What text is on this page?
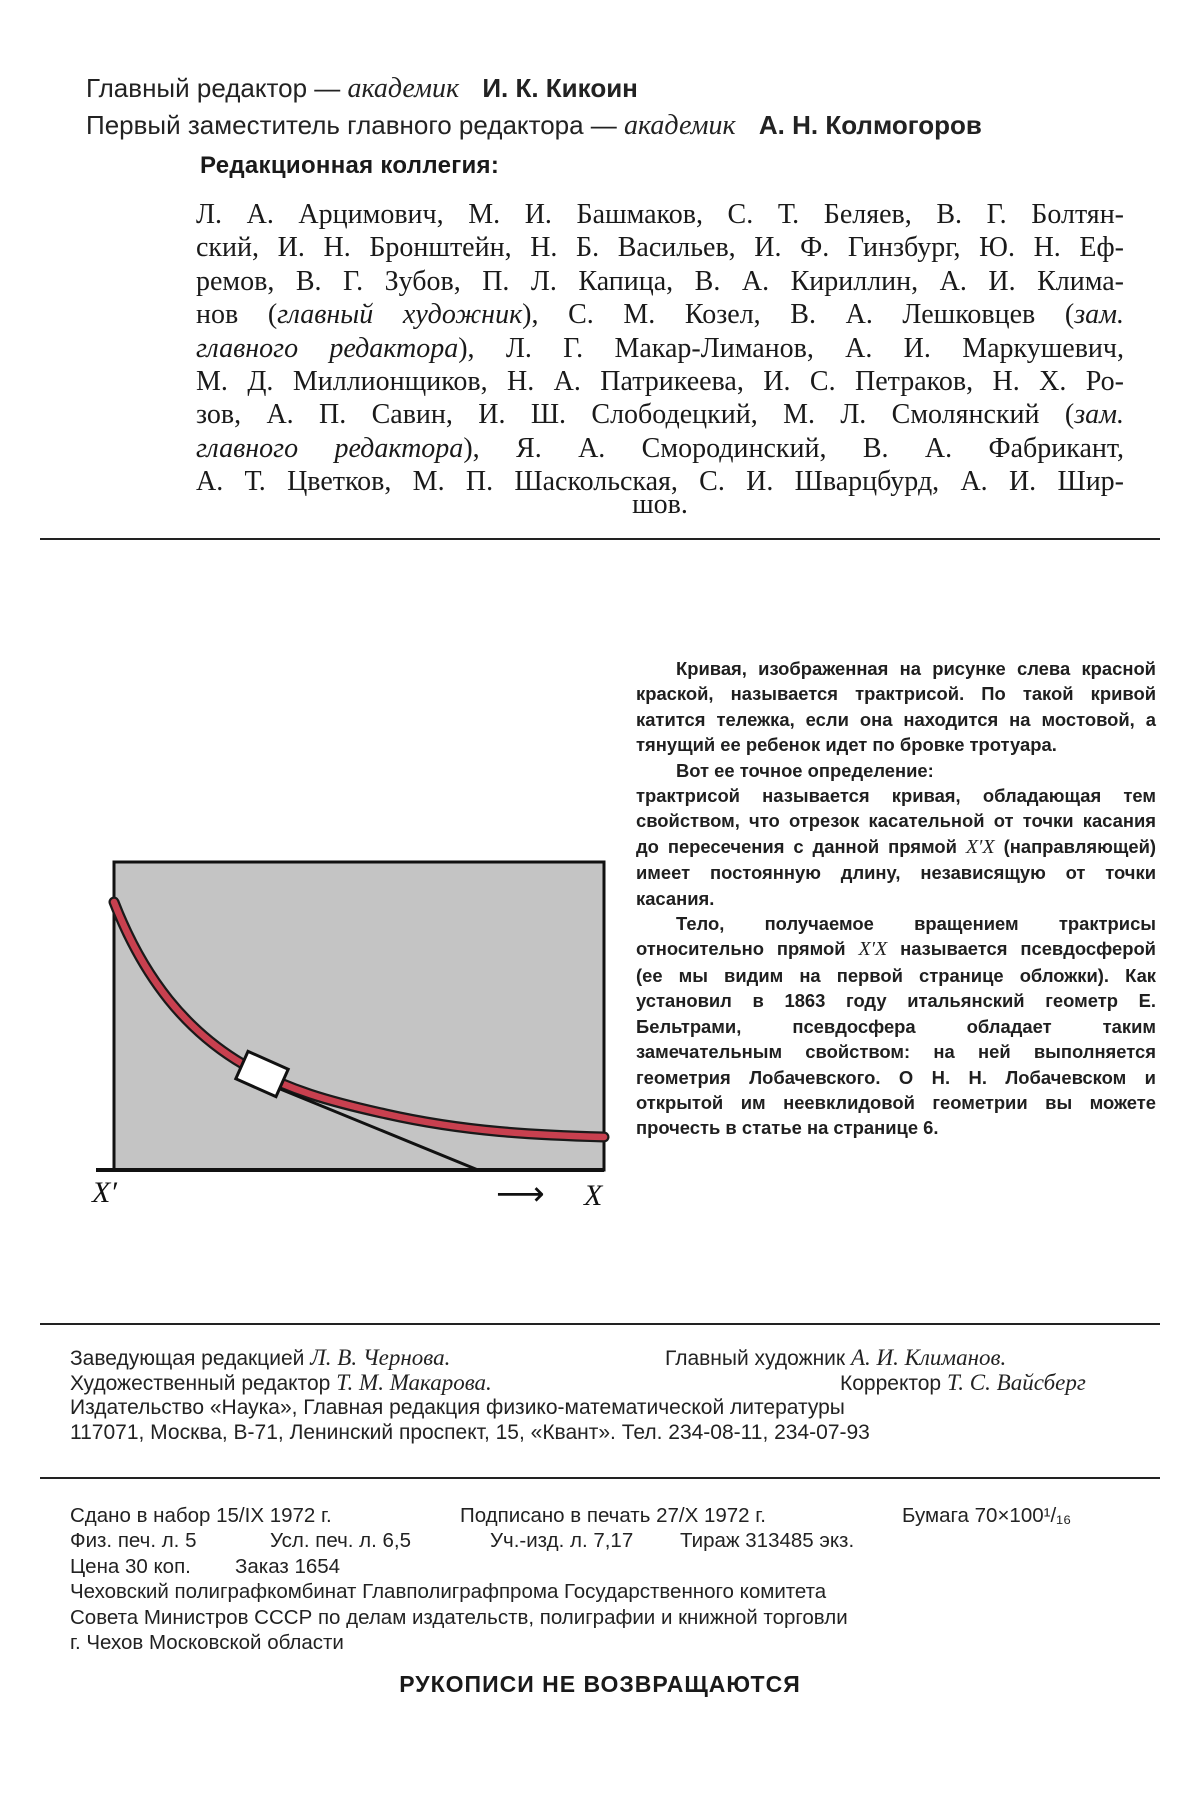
Главный редактор — академик И. К. Кикоин
Первый заместитель главного редактора — академик А. Н. Колмогоров
Редакционная коллегия:
Л. А. Арцимович, М. И. Башмаков, С. Т. Беляев, В. Г. Болтян-
ский, И. Н. Бронштейн, Н. Б. Васильев, И. Ф. Гинзбург, Ю. Н. Еф-
ремов, В. Г. Зубов, П. Л. Капица, В. А. Кириллин, А. И. Клима-
нов (главный художник), С. М. Козел, В. А. Лешковцев (зам.
главного редактора), Л. Г. Макар-Лиманов, А. И. Маркушевич,
М. Д. Миллионщиков, Н. А. Патрикеева, И. С. Петраков, Н. Х. Ро-
зов, А. П. Савин, И. Ш. Слободецкий, М. Л. Смолянский (зам.
главного редактора), Я. А. Смородинский, В. А. Фабрикант,
А. Т. Цветков, М. П. Шаскольская, С. И. Шварцбурд, А. И. Шир-
шов.
X′	⟶ X

Кривая, изображенная на рисунке слева красной краской, называется трактрисой. По такой кривой катится тележка, если она находится на мостовой, а тянущий ее ребенок идет по бровке тротуара.

Вот ее точное определение:

трактрисой называется кривая, обладающая тем свойством, что отрезок касательной от точки касания до пересечения с данной прямой X′X (направляющей) имеет постоянную длину, независящую от точки касания.

Тело, получаемое вращением трактрисы относительно прямой X′X называется псевдосферой (ее мы видим на первой странице обложки). Как установил в 1863 году итальянский геометр Е. Бельтрами, псевдосфера обладает таким замечательным свойством: на ней выполняется геометрия Лобачевского. О Н. Н. Лобачевском и открытой им неевклидовой геометрии вы можете прочесть в статье на странице 6.

Заведующая редакцией Л. В. Чернова.	Главный художник А. И. Климанов.
Художественный редактор Т. М. Макарова.	Корректор Т. С. Вайсберг
Издательство «Наука», Главная редакция физико-математической литературы
117071, Москва, В-71, Ленинский проспект, 15, «Квант». Тел. 234-08-11, 234-07-93
Сдано в набор 15/IX 1972 г.	Подписано в печать 27/X 1972 г.	Бумага 70×100¹/₁₆
Физ. печ. л. 5	Усл. печ. л. 6,5	Уч.-изд. л. 7,17 Тираж 313485 экз.
Цена 30 коп. Заказ 1654
Чеховский полиграфкомбинат Главполиграфпрома Государственного комитета
Совета Министров СССР по делам издательств, полиграфии и книжной торговли
г. Чехов Московской области
РУКОПИСИ НЕ ВОЗВРАЩАЮТСЯ
